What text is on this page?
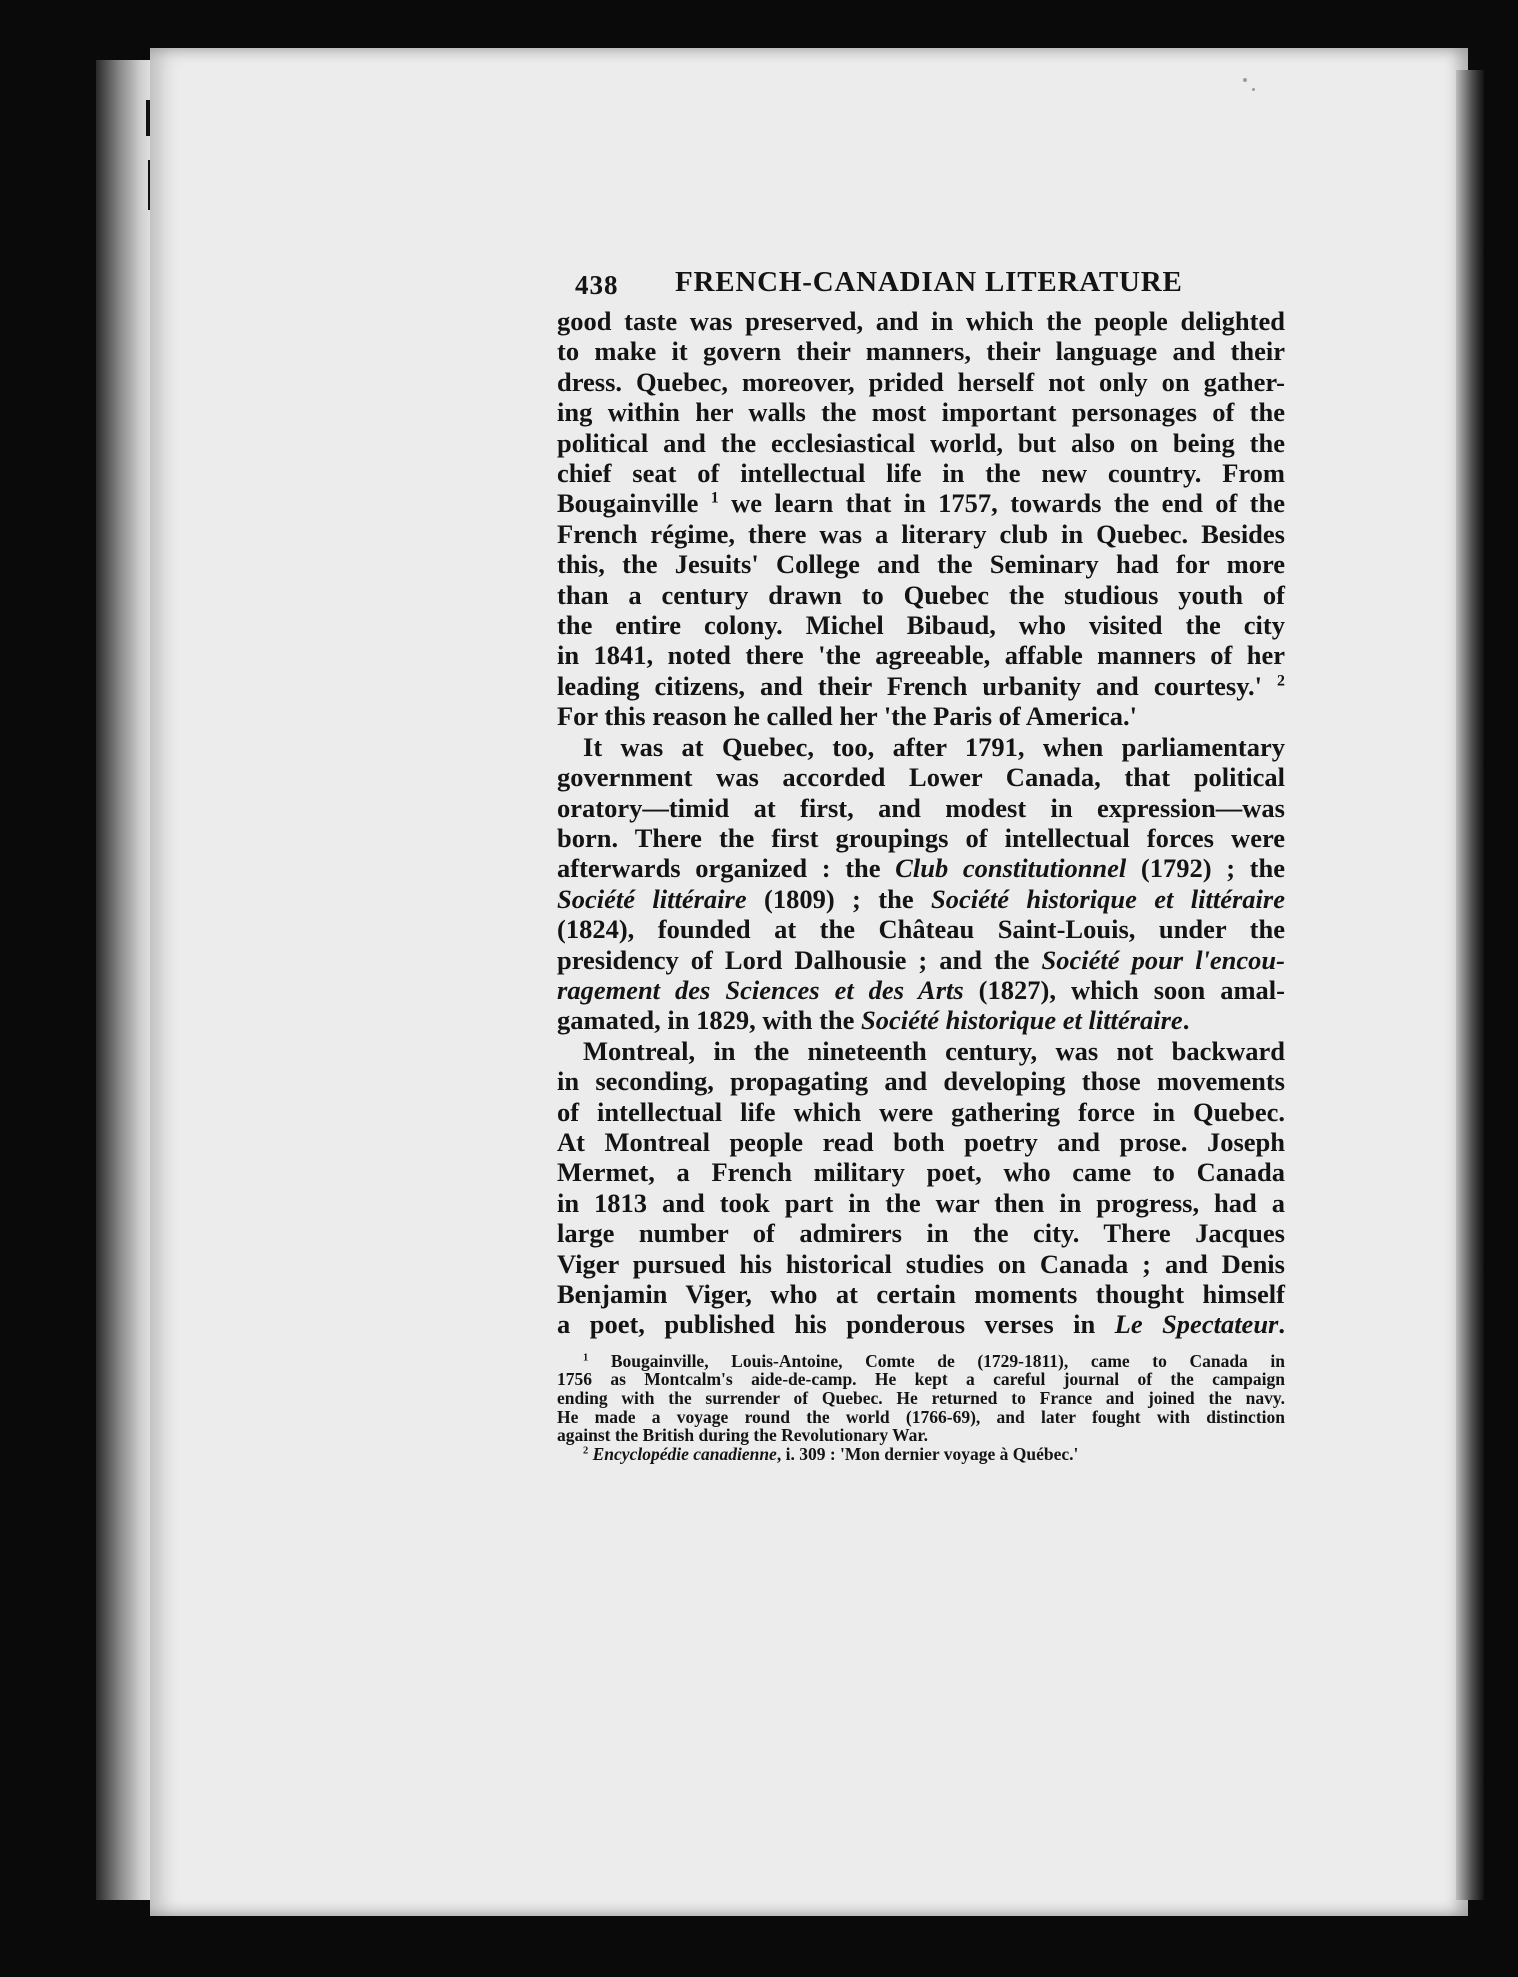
438 FRENCH-CANADIAN LITERATURE
good taste was preserved, and in which the people delighted
to make it govern their manners, their language and their
dress. Quebec, moreover, prided herself not only on gather-
ing within her walls the most important personages of the
political and the ecclesiastical world, but also on being the
chief seat of intellectual life in the new country. From
Bougainville $^1$ we learn that in 1757, towards the end of the
French régime, there was a literary club in Quebec. Besides
this, the Jesuits' College and the Seminary had for more
than a century drawn to Quebec the studious youth of
the entire colony. Michel Bibaud, who visited the city
in 1841, noted there 'the agreeable, affable manners of her
leading citizens, and their French urbanity and courtesy.' $^2$
For this reason he called her 'the Paris of America.'
It was at Quebec, too, after 1791, when parliamentary
government was accorded Lower Canada, that political
oratory—timid at first, and modest in expression—was
born. There the first groupings of intellectual forces were
afterwards organized : the Club constitutionnel (1792) ; the
Société littéraire (1809) ; the Société historique et littéraire
(1824), founded at the Château Saint-Louis, under the
presidency of Lord Dalhousie ; and the Société pour l'encou-
ragement des Sciences et des Arts (1827), which soon amal-
gamated, in 1829, with the Société historique et littéraire.
Montreal, in the nineteenth century, was not backward
in seconding, propagating and developing those movements
of intellectual life which were gathering force in Quebec.
At Montreal people read both poetry and prose. Joseph
Mermet, a French military poet, who came to Canada
in 1813 and took part in the war then in progress, had a
large number of admirers in the city. There Jacques
Viger pursued his historical studies on Canada ; and Denis
Benjamin Viger, who at certain moments thought himself
a poet, published his ponderous verses in Le Spectateur.
$^1$ Bougainville, Louis-Antoine, Comte de (1729-1811), came to Canada in
1756 as Montcalm's aide-de-camp. He kept a careful journal of the campaign
ending with the surrender of Quebec. He returned to France and joined the navy.
He made a voyage round the world (1766-69), and later fought with distinction
against the British during the Revolutionary War.
$^2$ Encyclopédie canadienne, i. 309 : 'Mon dernier voyage à Québec.'
